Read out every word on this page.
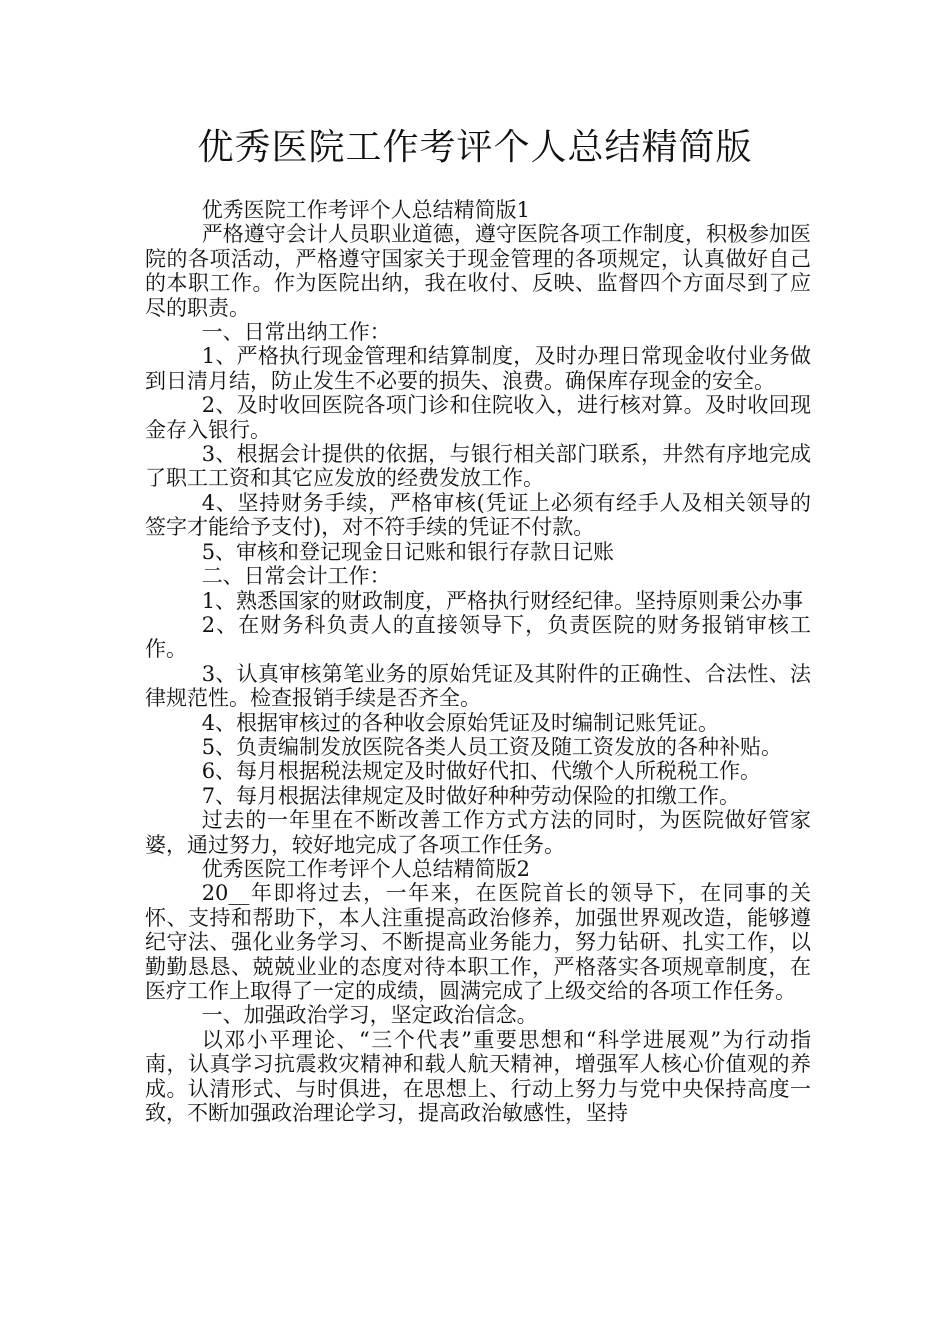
优秀医院工作考评个人总结精简版

优秀医院工作考评个人总结精简版1

严格遵守会计人员职业道德，遵守医院各项工作制度，积极参加医院的各项活动，严格遵守国家关于现金管理的各项规定，认真做好自己的本职工作。作为医院出纳，我在收付、反映、监督四个方面尽到了应尽的职责。

一、日常出纳工作：

1、严格执行现金管理和结算制度，及时办理日常现金收付业务做到日清月结，防止发生不必要的损失、浪费。确保库存现金的安全。

2、及时收回医院各项门诊和住院收入，进行核对算。及时收回现金存入银行。

3、根据会计提供的依据，与银行相关部门联系，井然有序地完成了职工工资和其它应发放的经费发放工作。

4、坚持财务手续，严格审核(凭证上必须有经手人及相关领导的签字才能给予支付)，对不符手续的凭证不付款。

5、审核和登记现金日记账和银行存款日记账

二、日常会计工作：

1、熟悉国家的财政制度，严格执行财经纪律。坚持原则秉公办事

2、在财务科负责人的直接领导下，负责医院的财务报销审核工作。

3、认真审核第笔业务的原始凭证及其附件的正确性、合法性、法律规范性。检查报销手续是否齐全。

4、根据审核过的各种收会原始凭证及时编制记账凭证。

5、负责编制发放医院各类人员工资及随工资发放的各种补贴。

6、每月根据税法规定及时做好代扣、代缴个人所税税工作。

7、每月根据法律规定及时做好种种劳动保险的扣缴工作。

过去的一年里在不断改善工作方式方法的同时，为医院做好管家婆，通过努力，较好地完成了各项工作任务。

优秀医院工作考评个人总结精简版2

20__年即将过去，一年来，在医院首长的领导下，在同事的关怀、支持和帮助下，本人注重提高政治修养，加强世界观改造，能够遵纪守法、强化业务学习、不断提高业务能力，努力钻研、扎实工作，以勤勤恳恳、兢兢业业的态度对待本职工作，严格落实各项规章制度，在医疗工作上取得了一定的成绩，圆满完成了上级交给的各项工作任务。

一、加强政治学习，坚定政治信念。

以邓小平理论、“三个代表”重要思想和“科学进展观”为行动指南，认真学习抗震救灾精神和载人航天精神，增强军人核心价值观的养成。认清形式、与时俱进，在思想上、行动上努力与党中央保持高度一致，不断加强政治理论学习，提高政治敏感性，坚持
